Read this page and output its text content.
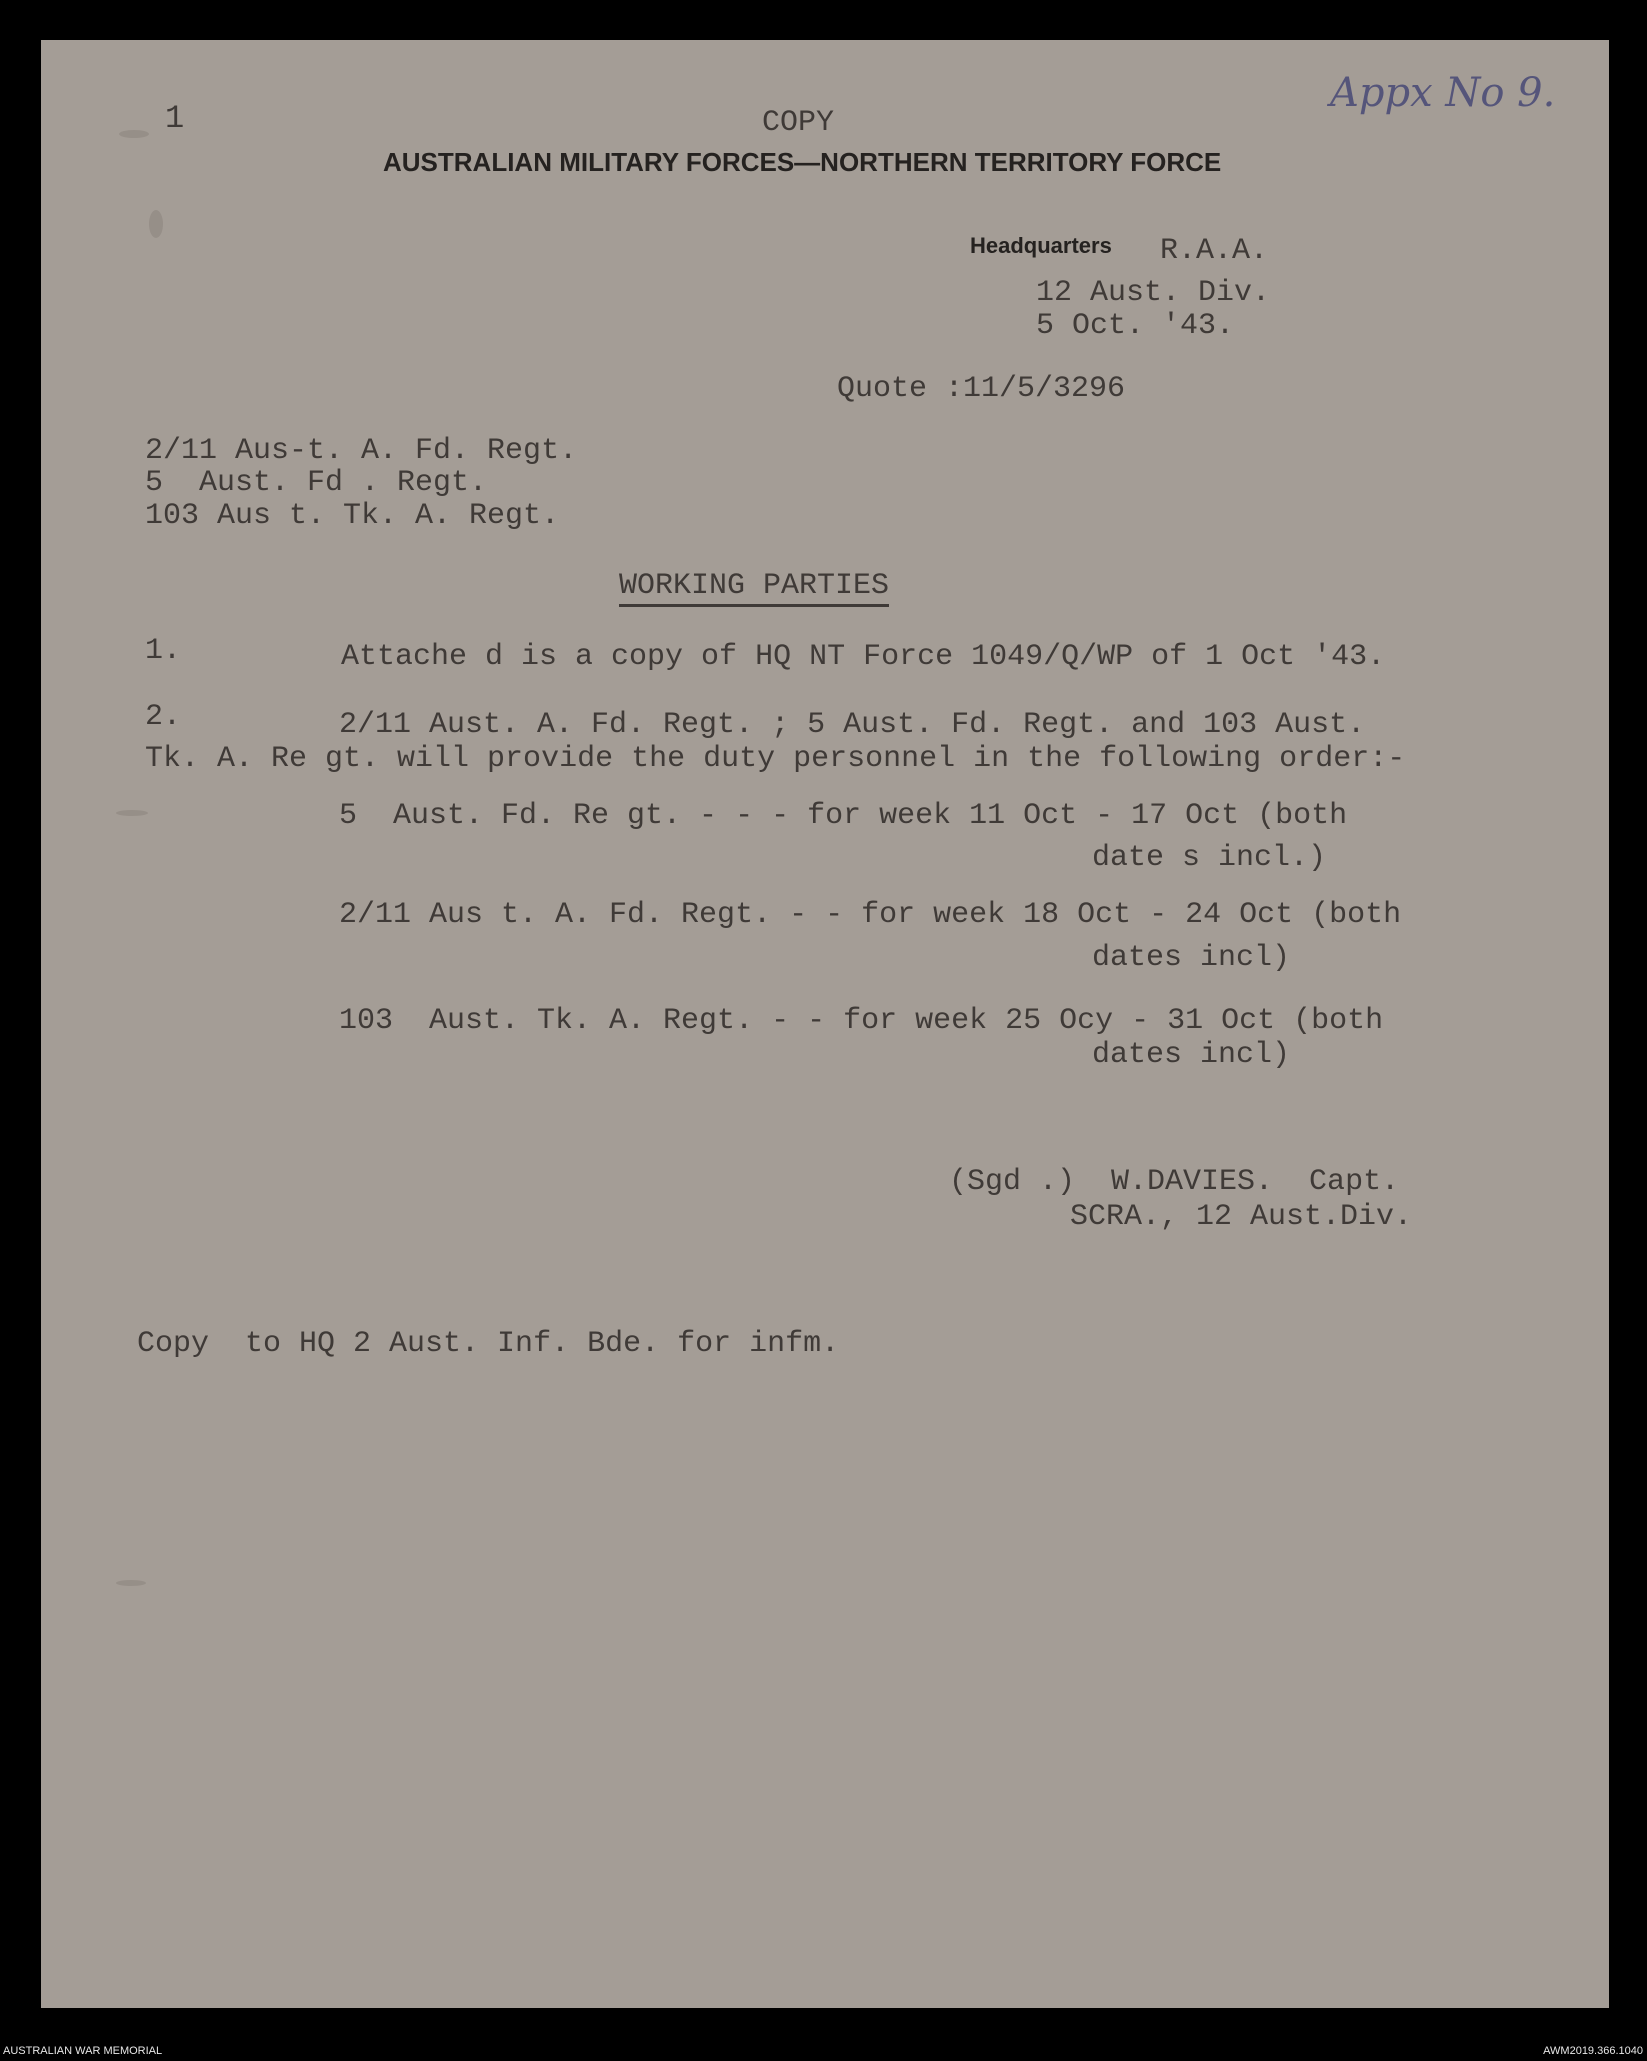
1
Appx No 9.
COPY
AUSTRALIAN MILITARY FORCES—NORTHERN TERRITORY FORCE
Headquarters R.A.A.
12 Aust. Div.
5 Oct. '43.
Quote :11/5/3296
2/11 Aus-t. A. Fd. Regt.
5  Aust. Fd . Regt.
103 Aus t. Tk. A. Regt.
WORKING PARTIES
1.	Attache d is a copy of HQ NT Force 1049/Q/WP of 1 Oct '43.
2.	2/11 Aust. A. Fd. Regt. ; 5 Aust. Fd. Regt. and 103 Aust.
Tk. A. Re gt. will provide the duty personnel in the following order:-
5  Aust. Fd. Re gt. - - - for week 11 Oct - 17 Oct (both
date s incl.)
2/11 Aus t. A. Fd. Regt. - - for week 18 Oct - 24 Oct (both
dates incl)
103  Aust. Tk. A. Regt. - - for week 25 Ocy - 31 Oct (both
dates incl)
(Sgd .)  W.DAVIES.  Capt.
SCRA., 12 Aust.Div.
Copy  to HQ 2 Aust. Inf. Bde. for infm.
AUSTRALIAN WAR MEMORIAL	AWM2019.366.1040
